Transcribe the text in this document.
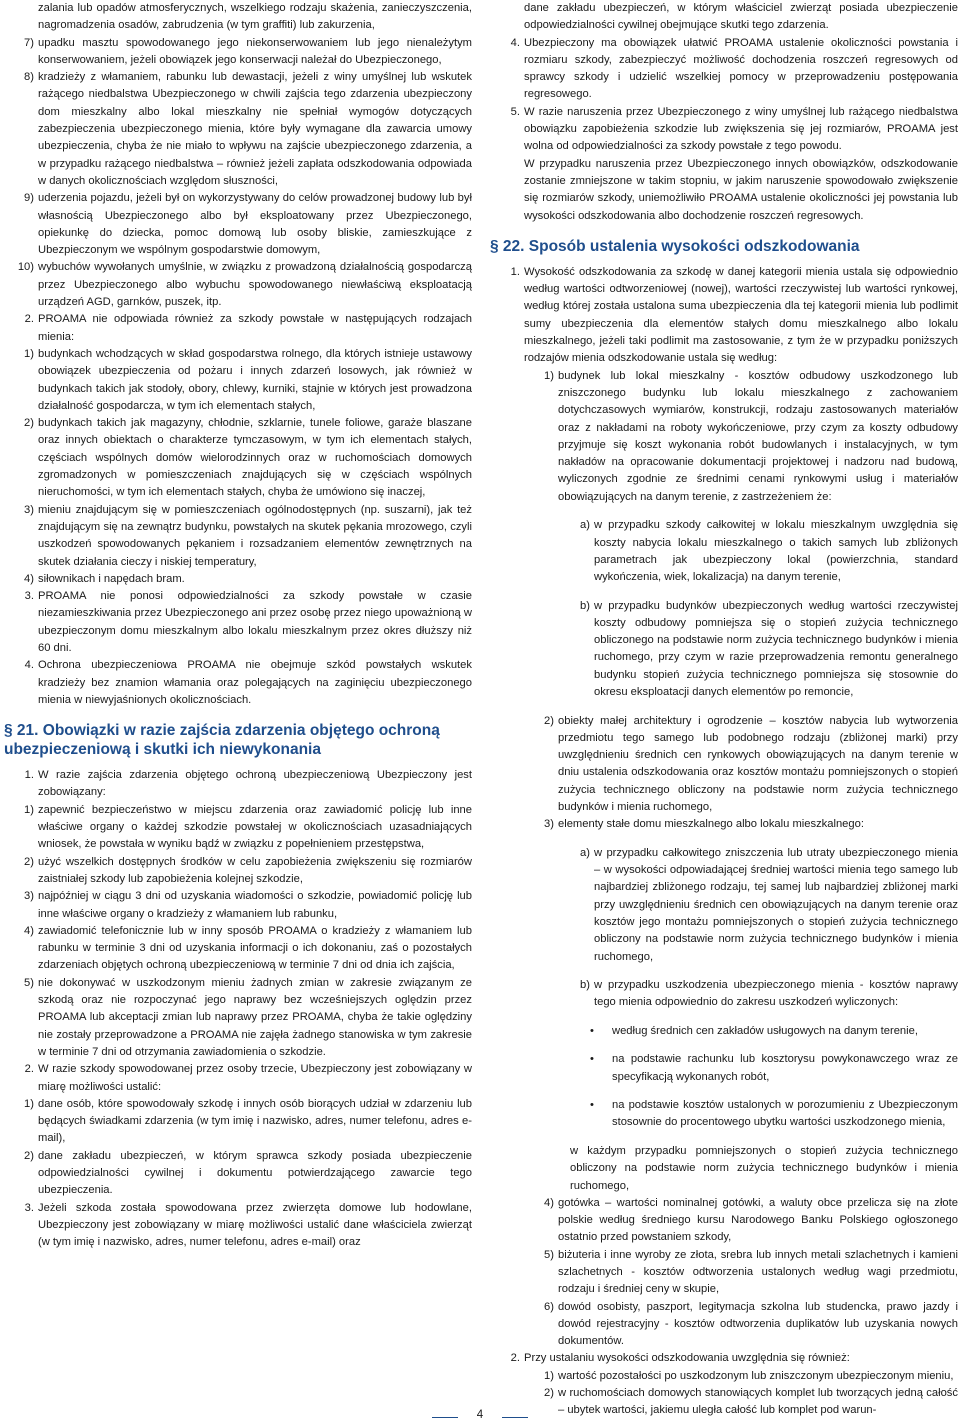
zalania lub opadów atmosferycznych, wszelkiego rodzaju skażenia, zanieczyszczenia, nagromadzenia osadów, zabrudzenia (w tym graffiti) lub zakurzenia,

7) upadku masztu spowodowanego jego niekonserwowaniem lub jego nienależytym konserwowaniem, jeżeli obowiązek jego konserwacji należał do Ubezpieczonego,

8) kradzieży z włamaniem, rabunku lub dewastacji, jeżeli z winy umyślnej lub wskutek rażącego niedbalstwa Ubezpieczonego w chwili zajścia tego zdarzenia ubezpieczony dom mieszkalny albo lokal mieszkalny nie spełniał wymogów dotyczących zabezpieczenia ubezpieczonego mienia, które były wymagane dla zawarcia umowy ubezpieczenia, chyba że nie miało to wpływu na zajście ubezpieczonego zdarzenia, a w przypadku rażącego niedbalstwa – również jeżeli zapłata odszkodowania odpowiada w danych okolicznościach względom słuszności,

9) uderzenia pojazdu, jeżeli był on wykorzystywany do celów prowadzonej budowy lub był własnością Ubezpieczonego albo był eksploatowany przez Ubezpieczonego, opiekunkę do dziecka, pomoc domową lub osoby bliskie, zamieszkujące z Ubezpieczonym we wspólnym gospodarstwie domowym,

10) wybuchów wywołanych umyślnie, w związku z prowadzoną działalnością gospodarczą przez Ubezpieczonego albo wybuchu spowodowanego niewłaściwą eksploatacją urządzeń AGD, garnków, puszek, itp.

2. PROAMA nie odpowiada również za szkody powstałe w następujących rodzajach mienia:

1) budynkach wchodzących w skład gospodarstwa rolnego, dla których istnieje ustawowy obowiązek ubezpieczenia od pożaru i innych zdarzeń losowych, jak również w budynkach takich jak stodoły, obory, chlewy, kurniki, stajnie w których jest prowadzona działalność gospodarcza, w tym ich elementach stałych,

2) budynkach takich jak magazyny, chłodnie, szklarnie, tunele foliowe, garaże blaszane oraz innych obiektach o charakterze tymczasowym, w tym ich elementach stałych, częściach wspólnych domów wielorodzinnych oraz w ruchomościach domowych zgromadzonych w pomieszczeniach znajdujących się w częściach wspólnych nieruchomości, w tym ich elementach stałych, chyba że umówiono się inaczej,

3) mieniu znajdującym się w pomieszczeniach ogólnodostępnych (np. suszarni), jak też znajdującym się na zewnątrz budynku, powstałych na skutek pękania mrozowego, czyli uszkodzeń spowodowanych pękaniem i rozsadzaniem elementów zewnętrznych na skutek działania cieczy i niskiej temperatury,

4) siłownikach i napędach bram.

3. PROAMA nie ponosi odpowiedzialności za szkody powstałe w czasie niezamieszkiwania przez Ubezpieczonego ani przez osobę przez niego upoważnioną w ubezpieczonym domu mieszkalnym albo lokalu mieszkalnym przez okres dłuższy niż 60 dni.

4. Ochrona ubezpieczeniowa PROAMA nie obejmuje szkód powstałych wskutek kradzieży bez znamion włamania oraz polegających na zaginięciu ubezpieczonego mienia w niewyjaśnionych okolicznościach.

§ 21. Obowiązki w razie zajścia zdarzenia objętego ochroną ubezpieczeniową i skutki ich niewykonania

1. W razie zajścia zdarzenia objętego ochroną ubezpieczeniową Ubezpieczony jest zobowiązany:

1) zapewnić bezpieczeństwo w miejscu zdarzenia oraz zawiadomić policję lub inne właściwe organy o każdej szkodzie powstałej w okolicznościach uzasadniających wniosek, że powstała w wyniku bądź w związku z popełnieniem przestępstwa,

2) użyć wszelkich dostępnych środków w celu zapobieżenia zwiększeniu się rozmiarów zaistniałej szkody lub zapobieżenia kolejnej szkodzie,

3) najpóźniej w ciągu 3 dni od uzyskania wiadomości o szkodzie, powiadomić policję lub inne właściwe organy o kradzieży z włamaniem lub rabunku,

4) zawiadomić telefonicznie lub w inny sposób PROAMA o kradzieży z włamaniem lub rabunku w terminie 3 dni od uzyskania informacji o ich dokonaniu, zaś o pozostałych zdarzeniach objętych ochroną ubezpieczeniową w terminie 7 dni od dnia ich zajścia,

5) nie dokonywać w uszkodzonym mieniu żadnych zmian w zakresie związanym ze szkodą oraz nie rozpoczynać jego naprawy bez wcześniejszych oględzin przez PROAMA lub akceptacji zmian lub naprawy przez PROAMA, chyba że takie oględziny nie zostały przeprowadzone a PROAMA nie zajęła żadnego stanowiska w tym zakresie w terminie 7 dni od otrzymania zawiadomienia o szkodzie.

2. W razie szkody spowodowanej przez osoby trzecie, Ubezpieczony jest zobowiązany w miarę możliwości ustalić:

1) dane osób, które spowodowały szkodę i innych osób biorących udział w zdarzeniu lub będących świadkami zdarzenia (w tym imię i nazwisko, adres, numer telefonu, adres e-mail),

2) dane zakładu ubezpieczeń, w którym sprawca szkody posiada ubezpieczenie odpowiedzialności cywilnej i dokumentu potwierdzającego zawarcie tego ubezpieczenia.

3. Jeżeli szkoda została spowodowana przez zwierzęta domowe lub hodowlane, Ubezpieczony jest zobowiązany w miarę możliwości ustalić dane właściciela zwierząt (w tym imię i nazwisko, adres, numer telefonu, adres e-mail) oraz

dane zakładu ubezpieczeń, w którym właściciel zwierząt posiada ubezpieczenie odpowiedzialności cywilnej obejmujące skutki tego zdarzenia.

4. Ubezpieczony ma obowiązek ułatwić PROAMA ustalenie okoliczności powstania i rozmiaru szkody, zabezpieczyć możliwość dochodzenia roszczeń regresowych od sprawcy szkody i udzielić wszelkiej pomocy w przeprowadzeniu postępowania regresowego.

5. W razie naruszenia przez Ubezpieczonego z winy umyślnej lub rażącego niedbalstwa obowiązku zapobieżenia szkodzie lub zwiększenia się jej rozmiarów, PROAMA jest wolna od odpowiedzialności za szkody powstałe z tego powodu.

W przypadku naruszenia przez Ubezpieczonego innych obowiązków, odszkodowanie zostanie zmniejszone w takim stopniu, w jakim naruszenie spowodowało zwiększenie się rozmiarów szkody, uniemożliwiło PROAMA ustalenie okoliczności jej powstania lub wysokości odszkodowania albo dochodzenie roszczeń regresowych.

§ 22. Sposób ustalenia wysokości odszkodowania

1. Wysokość odszkodowania za szkodę w danej kategorii mienia ustala się odpowiednio według wartości odtworzeniowej (nowej), wartości rzeczywistej lub wartości rynkowej, według której została ustalona suma ubezpieczenia dla tej kategorii mienia lub podlimit sumy ubezpieczenia dla elementów stałych domu mieszkalnego albo lokalu mieszkalnego, jeżeli taki podlimit ma zastosowanie, z tym że w przypadku poniższych rodzajów mienia odszkodowanie ustala się według:

1) budynek lub lokal mieszkalny - kosztów odbudowy uszkodzonego lub zniszczonego budynku lub lokalu mieszkalnego z zachowaniem dotychczasowych wymiarów, konstrukcji, rodzaju zastosowanych materiałów oraz z nakładami na roboty wykończeniowe, przy czym za koszty odbudowy przyjmuje się koszt wykonania robót budowlanych i instalacyjnych, w tym nakładów na opracowanie dokumentacji projektowej i nadzoru nad budową, wyliczonych zgodnie ze średnimi cenami rynkowymi usług i materiałów obowiązujących na danym terenie, z zastrzeżeniem że:

a) w przypadku szkody całkowitej w lokalu mieszkalnym uwzględnia się koszty nabycia lokalu mieszkalnego o takich samych lub zbliżonych parametrach jak ubezpieczony lokal (powierzchnia, standard wykończenia, wiek, lokalizacja) na danym terenie,

b) w przypadku budynków ubezpieczonych według wartości rzeczywistej koszty odbudowy pomniejsza się o stopień zużycia technicznego obliczonego na podstawie norm zużycia technicznego budynków i mienia ruchomego, przy czym w razie przeprowadzenia remontu generalnego budynku stopień zużycia technicznego pomniejsza się stosownie do okresu eksploatacji danych elementów po remoncie,

2) obiekty małej architektury i ogrodzenie – kosztów nabycia lub wytworzenia przedmiotu tego samego lub podobnego rodzaju (zbliżonej marki) przy uwzględnieniu średnich cen rynkowych obowiązujących na danym terenie w dniu ustalenia odszkodowania oraz kosztów montażu pomniejszonych o stopień zużycia technicznego obliczony na podstawie norm zużycia technicznego budynków i mienia ruchomego,

3) elementy stałe domu mieszkalnego albo lokalu mieszkalnego:

a) w przypadku całkowitego zniszczenia lub utraty ubezpieczonego mienia – w wysokości odpowiadającej średniej wartości mienia tego samego lub najbardziej zbliżonego rodzaju, tej samej lub najbardziej zbliżonej marki przy uwzględnieniu średnich cen obowiązujących na danym terenie oraz kosztów jego montażu pomniejszonych o stopień zużycia technicznego obliczony na podstawie norm zużycia technicznego budynków i mienia ruchomego,

b) w przypadku uszkodzenia ubezpieczonego mienia - kosztów naprawy tego mienia odpowiednio do zakresu uszkodzeń wyliczonych:

• według średnich cen zakładów usługowych na danym terenie,

• na podstawie rachunku lub kosztorysu powykonawczego wraz ze specyfikacją wykonanych robót,

• na podstawie kosztów ustalonych w porozumieniu z Ubezpieczonym stosownie do procentowego ubytku wartości uszkodzonego mienia,

w każdym przypadku pomniejszonych o stopień zużycia technicznego obliczony na podstawie norm zużycia technicznego budynków i mienia ruchomego,

4) gotówka – wartości nominalnej gotówki, a waluty obce przelicza się na złote polskie według średniego kursu Narodowego Banku Polskiego ogłoszonego ostatnio przed powstaniem szkody,

5) biżuteria i inne wyroby ze złota, srebra lub innych metali szlachetnych i kamieni szlachetnych - kosztów odtworzenia ustalonych według wagi przedmiotu, rodzaju i średniej ceny w skupie,

6) dowód osobisty, paszport, legitymacja szkolna lub studencka, prawo jazdy i dowód rejestracyjny - kosztów odtworzenia duplikatów lub uzyskania nowych dokumentów.

2. Przy ustalaniu wysokości odszkodowania uwzględnia się również:

1) wartość pozostałości po uszkodzonym lub zniszczonym ubezpieczonym mieniu,

2) w ruchomościach domowych stanowiących komplet lub tworzących jedną całość – ubytek wartości, jakiemu uległa całość lub komplet pod warun-

4
